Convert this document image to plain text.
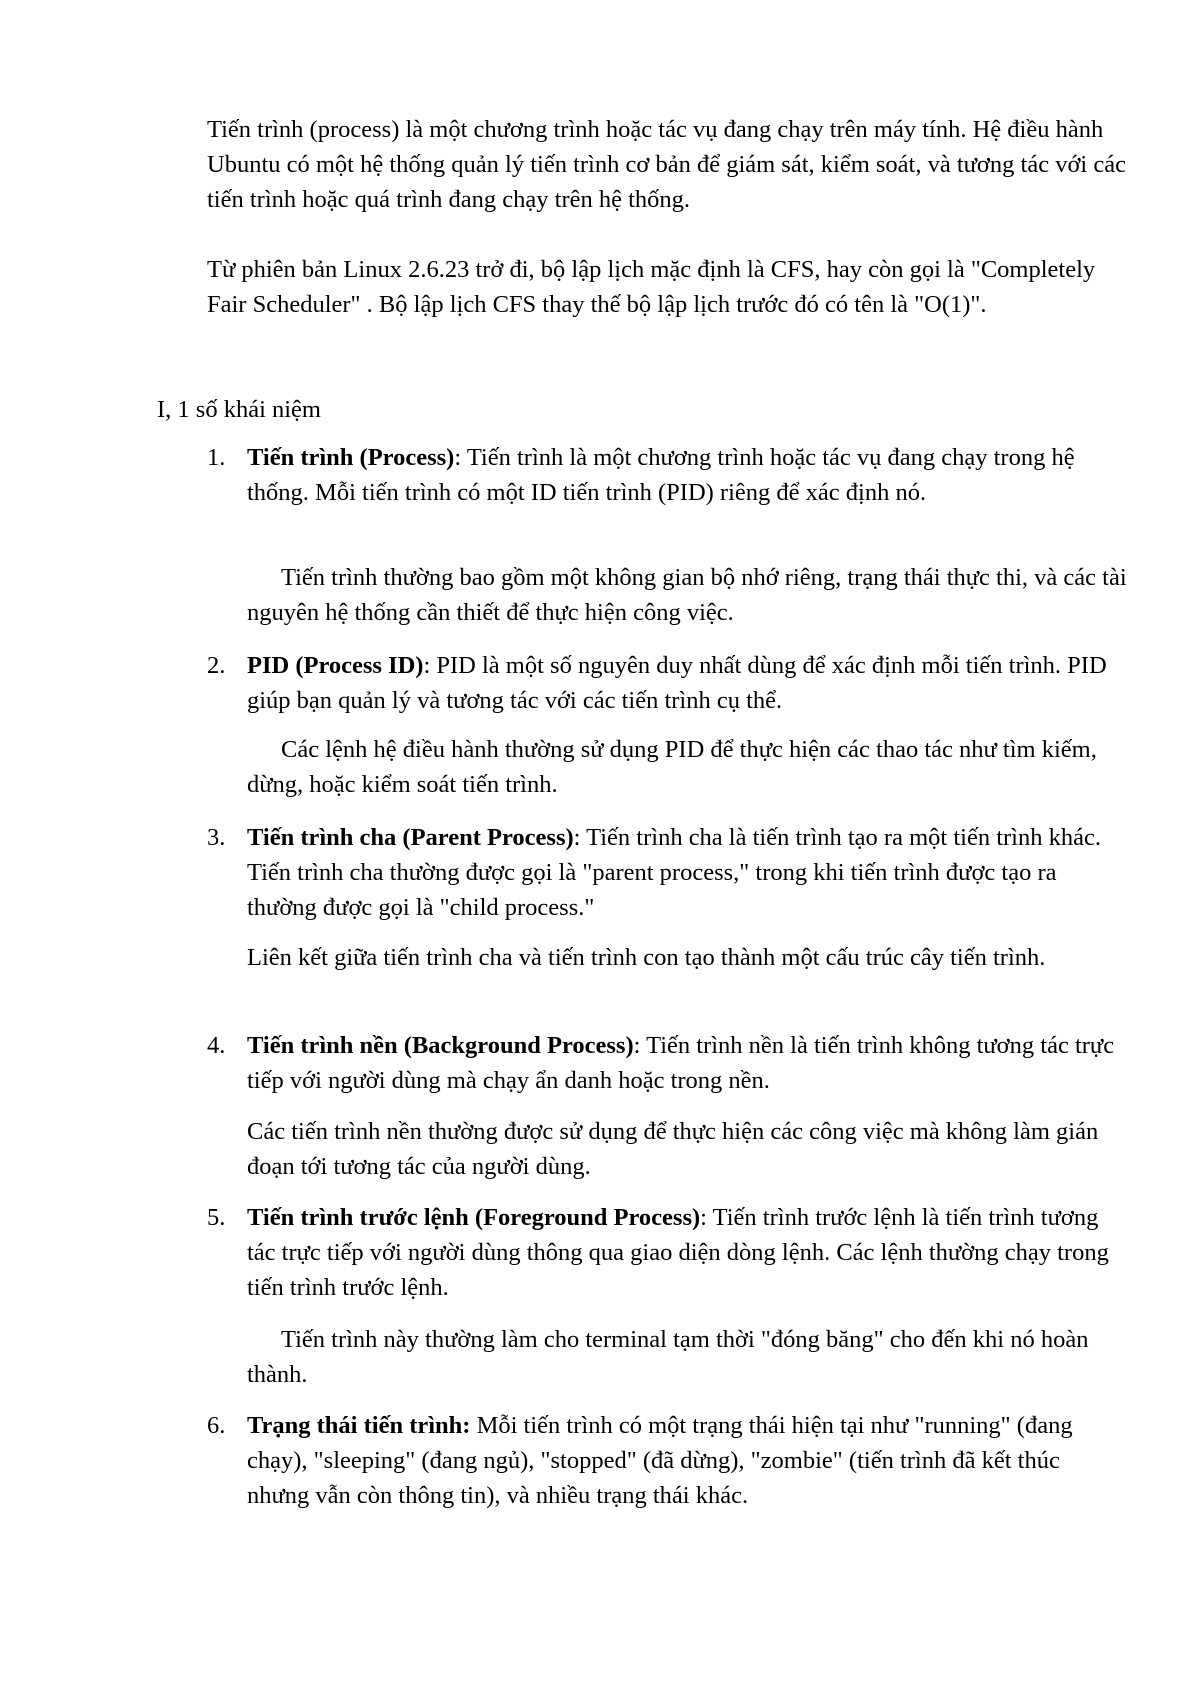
Tiến trình (process) là một chương trình hoặc tác vụ đang chạy trên máy tính. Hệ điều hành Ubuntu có một hệ thống quản lý tiến trình cơ bản để giám sát, kiểm soát, và tương tác với các tiến trình hoặc quá trình đang chạy trên hệ thống.

Từ phiên bản Linux 2.6.23 trở đi, bộ lập lịch mặc định là CFS, hay còn gọi là "Completely Fair Scheduler" . Bộ lập lịch CFS thay thế bộ lập lịch trước đó có tên là "O(1)".

I, 1 số khái niệm

1. Tiến trình (Process): Tiến trình là một chương trình hoặc tác vụ đang chạy trong hệ thống. Mỗi tiến trình có một ID tiến trình (PID) riêng để xác định nó.

Tiến trình thường bao gồm một không gian bộ nhớ riêng, trạng thái thực thi, và các tài nguyên hệ thống cần thiết để thực hiện công việc.

2. PID (Process ID): PID là một số nguyên duy nhất dùng để xác định mỗi tiến trình. PID giúp bạn quản lý và tương tác với các tiến trình cụ thể.

Các lệnh hệ điều hành thường sử dụng PID để thực hiện các thao tác như tìm kiếm, dừng, hoặc kiểm soát tiến trình.

3. Tiến trình cha (Parent Process): Tiến trình cha là tiến trình tạo ra một tiến trình khác. Tiến trình cha thường được gọi là "parent process," trong khi tiến trình được tạo ra thường được gọi là "child process."

Liên kết giữa tiến trình cha và tiến trình con tạo thành một cấu trúc cây tiến trình.

4. Tiến trình nền (Background Process): Tiến trình nền là tiến trình không tương tác trực tiếp với người dùng mà chạy ẩn danh hoặc trong nền.

Các tiến trình nền thường được sử dụng để thực hiện các công việc mà không làm gián đoạn tới tương tác của người dùng.

5. Tiến trình trước lệnh (Foreground Process): Tiến trình trước lệnh là tiến trình tương tác trực tiếp với người dùng thông qua giao diện dòng lệnh. Các lệnh thường chạy trong tiến trình trước lệnh.

Tiến trình này thường làm cho terminal tạm thời "đóng băng" cho đến khi nó hoàn thành.

6. Trạng thái tiến trình: Mỗi tiến trình có một trạng thái hiện tại như "running" (đang chạy), "sleeping" (đang ngủ), "stopped" (đã dừng), "zombie" (tiến trình đã kết thúc nhưng vẫn còn thông tin), và nhiều trạng thái khác.
